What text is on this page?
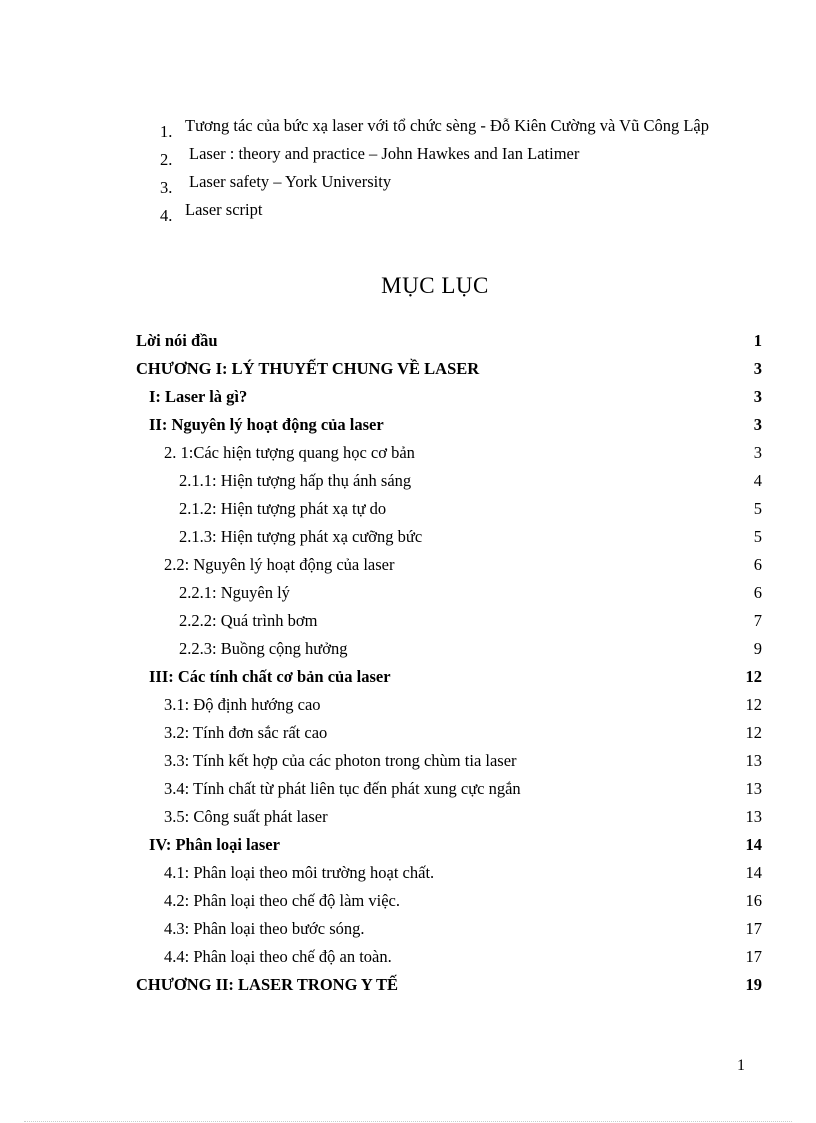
1. Tương tác của bức xạ laser với tổ chức sèng - Đỗ Kiên Cường và Vũ Công Lập
2.	Laser : theory and practice – John Hawkes and Ian Latimer
3.	Laser safety – York University
4. Laser script
MỤC LỤC
Lời nói đầu	1
CHƯƠNG I: LÝ THUYẾT CHUNG VỀ LASER	3
I: Laser là gì?	3
II: Nguyên lý hoạt động của laser	3
2. 1:Các hiện tượng quang học cơ bản	3
2.1.1: Hiện tượng hấp thụ ánh sáng	4
2.1.2: Hiện tượng phát xạ tự do	5
2.1.3: Hiện tượng phát xạ cưỡng bức	5
2.2: Nguyên lý hoạt động của laser	6
2.2.1: Nguyên lý	6
2.2.2: Quá trình bơm	7
2.2.3: Buồng cộng hưởng	9
III: Các tính chất cơ bản của laser	12
3.1: Độ định hướng cao	12
3.2: Tính đơn sắc rất cao	12
3.3: Tính kết hợp của các photon trong chùm tia laser	13
3.4: Tính chất từ phát liên tục đến phát xung cực ngắn	13
3.5: Công suất phát laser	13
IV: Phân loại laser	14
4.1: Phân loại theo môi trường hoạt chất.	14
4.2: Phân loại theo chế độ làm việc.	16
4.3: Phân loại theo bước sóng.	17
4.4: Phân loại theo chế độ an toàn.	17
CHƯƠNG II: LASER TRONG Y TẾ	19
1
